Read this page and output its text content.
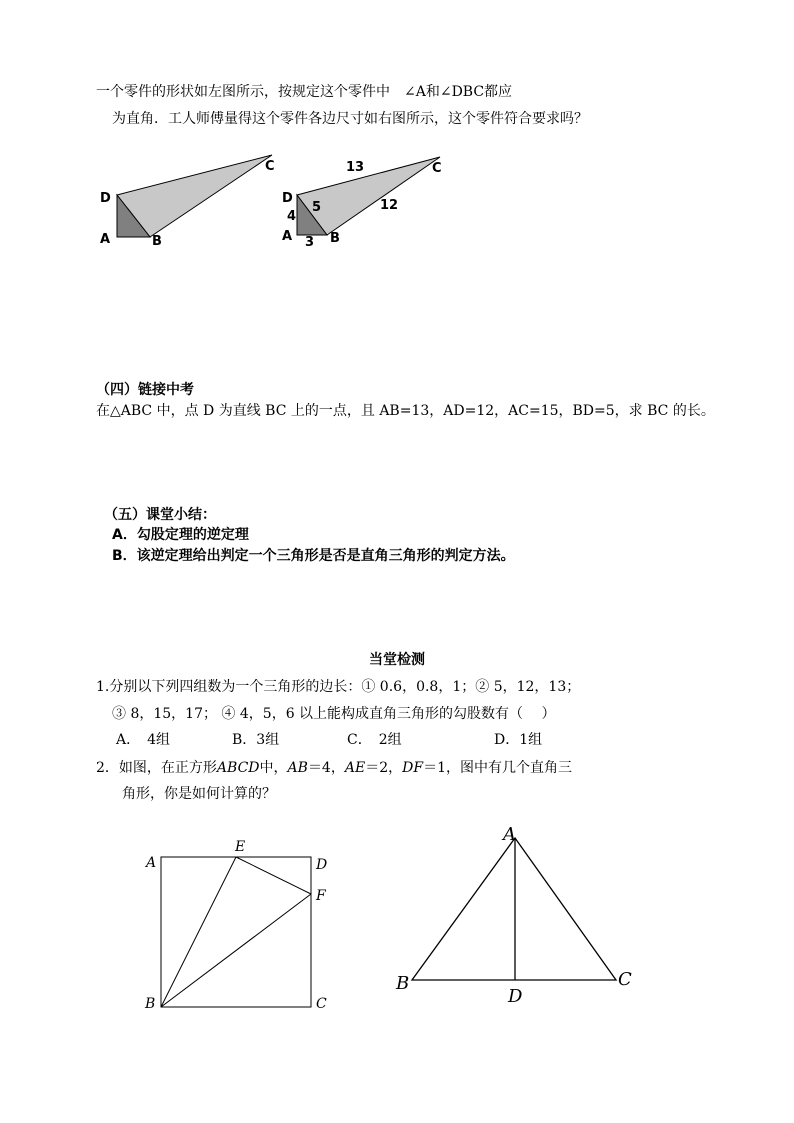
一个零件的形状如左图所示，按规定这个零件中　∠A和∠DBC都应
为直角．工人师傅量得这个零件各边尺寸如右图所示，这个零件符合要求吗？
D
A	B
C
D
A	B
C
13
5	12
4
3
（四）链接中考
在△ABC 中，点 D 为直线 BC 上的一点，且 AB=13，AD=12，AC=15，BD=5，求 BC 的长。
（五）课堂小结：
A．勾股定理的逆定理
B．该逆定理给出判定一个三角形是否是直角三角形的判定方法。
当堂检测
1.分别以下列四组数为一个三角形的边长：① 0.6，0.8，1；② 5，12，13；
③ 8，15，17； ④ 4，5，6 以上能构成直角三角形的勾股数有（　 ）
A．　4组	B．3组	C．　2组	D．1组
2．如图，在正方形ABCD中，AB＝4，AE＝2，DF＝1，图中有几个直角三
角形，你是如何计算的？
A
E
D
F
B	C
A
B	C
D
